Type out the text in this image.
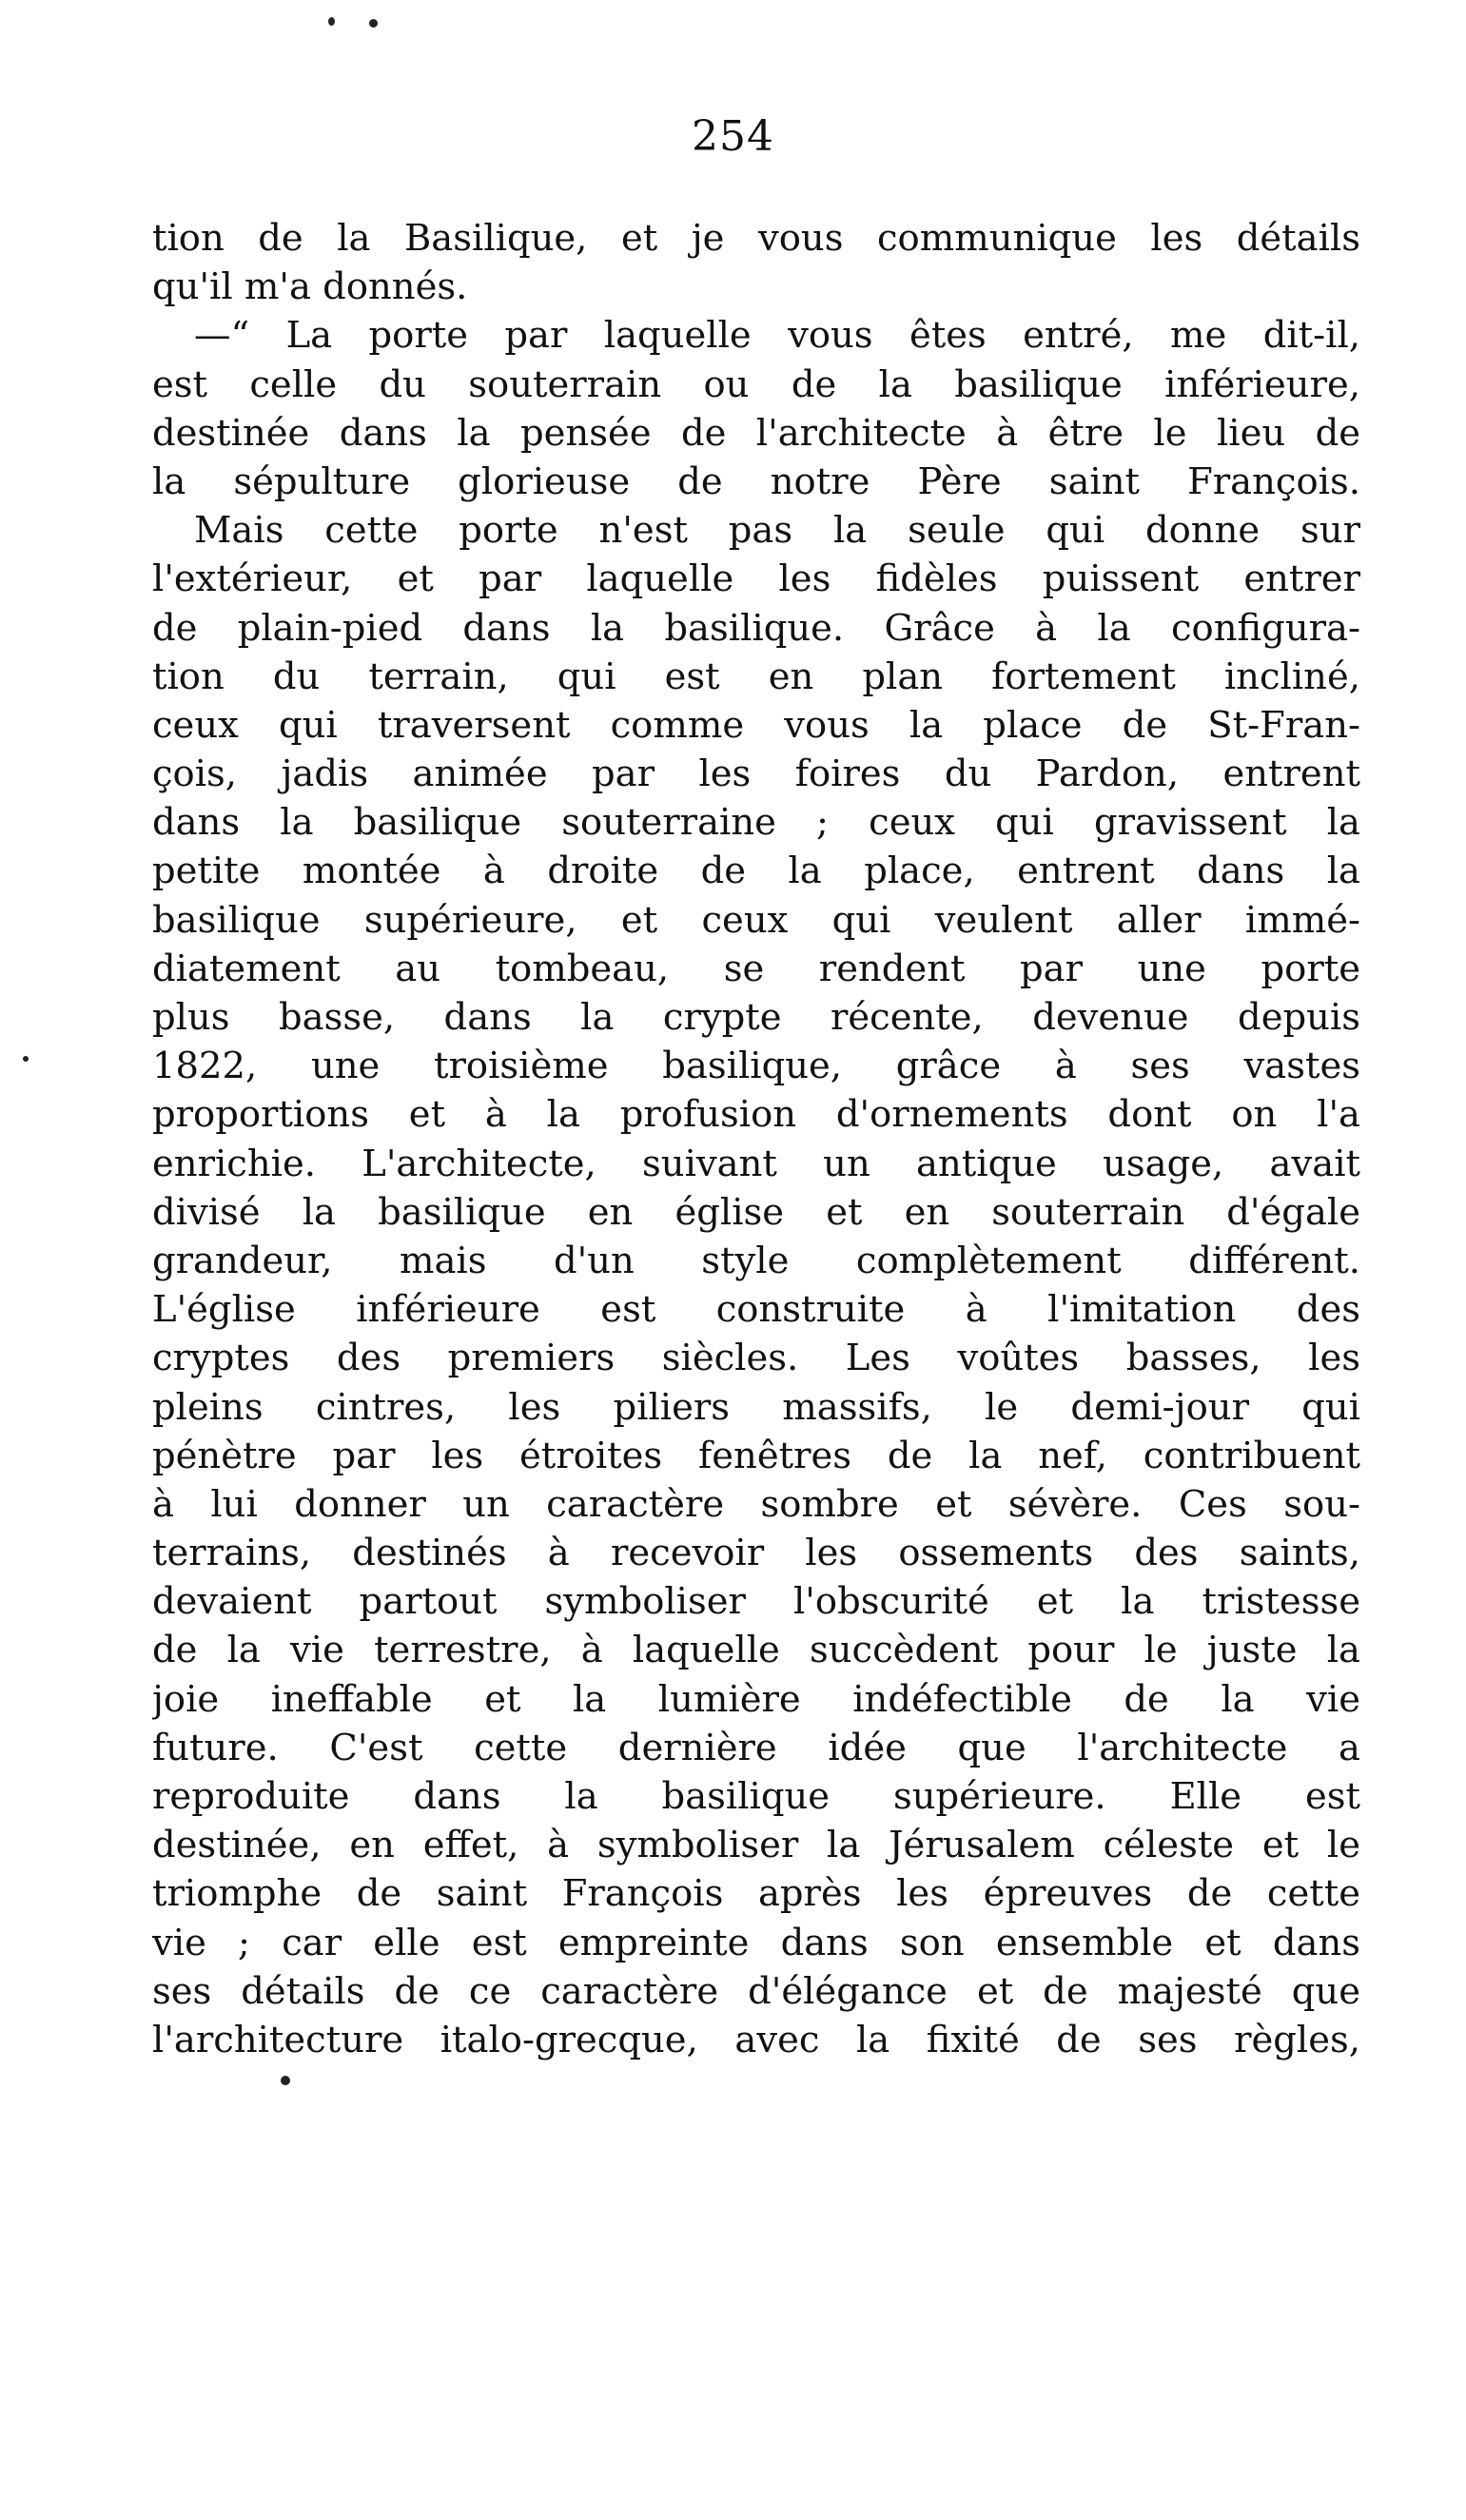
254
tion de la Basilique, et je vous communique les détails
qu'il m'a donnés.
—“ La porte par laquelle vous êtes entré, me dit-il,
est celle du souterrain ou de la basilique inférieure,
destinée dans la pensée de l'architecte à être le lieu de
la sépulture glorieuse de notre Père saint François.
Mais cette porte n'est pas la seule qui donne sur
l'extérieur, et par laquelle les fidèles puissent entrer
de plain-pied dans la basilique. Grâce à la configura-
tion du terrain, qui est en plan fortement incliné,
ceux qui traversent comme vous la place de St-Fran-
çois, jadis animée par les foires du Pardon, entrent
dans la basilique souterraine ; ceux qui gravissent la
petite montée à droite de la place, entrent dans la
basilique supérieure, et ceux qui veulent aller immé-
diatement au tombeau, se rendent par une porte
plus basse, dans la crypte récente, devenue depuis
1822, une troisième basilique, grâce à ses vastes
proportions et à la profusion d'ornements dont on l'a
enrichie. L'architecte, suivant un antique usage, avait
divisé la basilique en église et en souterrain d'égale
grandeur, mais d'un style complètement différent.
L'église inférieure est construite à l'imitation des
cryptes des premiers siècles. Les voûtes basses, les
pleins cintres, les piliers massifs, le demi-jour qui
pénètre par les étroites fenêtres de la nef, contribuent
à lui donner un caractère sombre et sévère. Ces sou-
terrains, destinés à recevoir les ossements des saints,
devaient partout symboliser l'obscurité et la tristesse
de la vie terrestre, à laquelle succèdent pour le juste la
joie ineffable et la lumière indéfectible de la vie
future. C'est cette dernière idée que l'architecte a
reproduite dans la basilique supérieure. Elle est
destinée, en effet, à symboliser la Jérusalem céleste et le
triomphe de saint François après les épreuves de cette
vie ; car elle est empreinte dans son ensemble et dans
ses détails de ce caractère d'élégance et de majesté que
l'architecture italo-grecque, avec la fixité de ses règles,
